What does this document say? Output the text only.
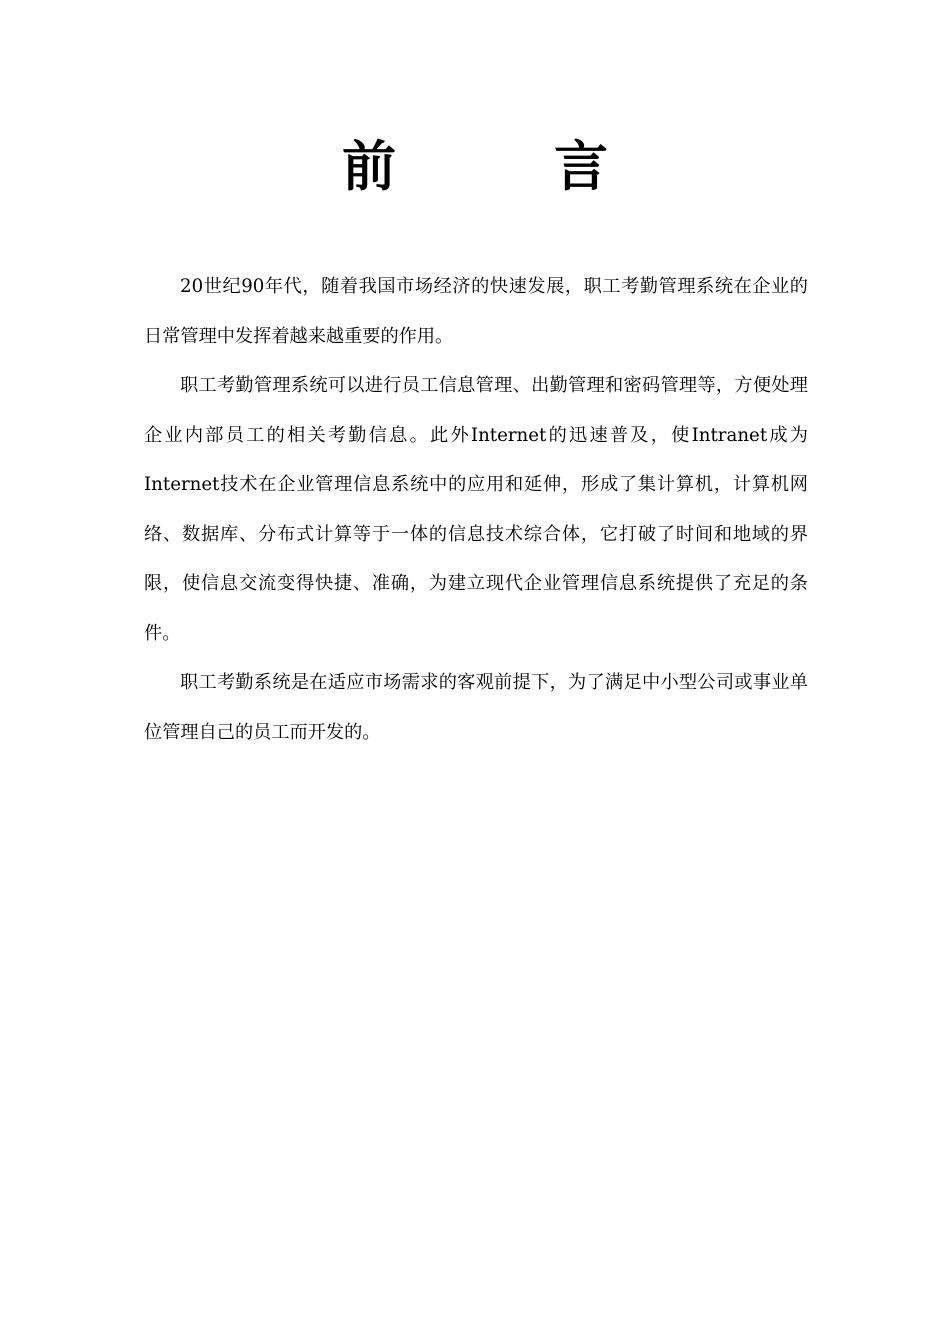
前　言

20世纪90年代，随着我国市场经济的快速发展，职工考勤管理系统在企业的日常管理中发挥着越来越重要的作用。

职工考勤管理系统可以进行员工信息管理、出勤管理和密码管理等，方便处理企业内部员工的相关考勤信息。此外Internet的迅速普及，使Intranet成为Internet技术在企业管理信息系统中的应用和延伸，形成了集计算机，计算机网络、数据库、分布式计算等于一体的信息技术综合体，它打破了时间和地域的界限，使信息交流变得快捷、准确，为建立现代企业管理信息系统提供了充足的条件。

职工考勤系统是在适应市场需求的客观前提下，为了满足中小型公司或事业单位管理自己的员工而开发的。
